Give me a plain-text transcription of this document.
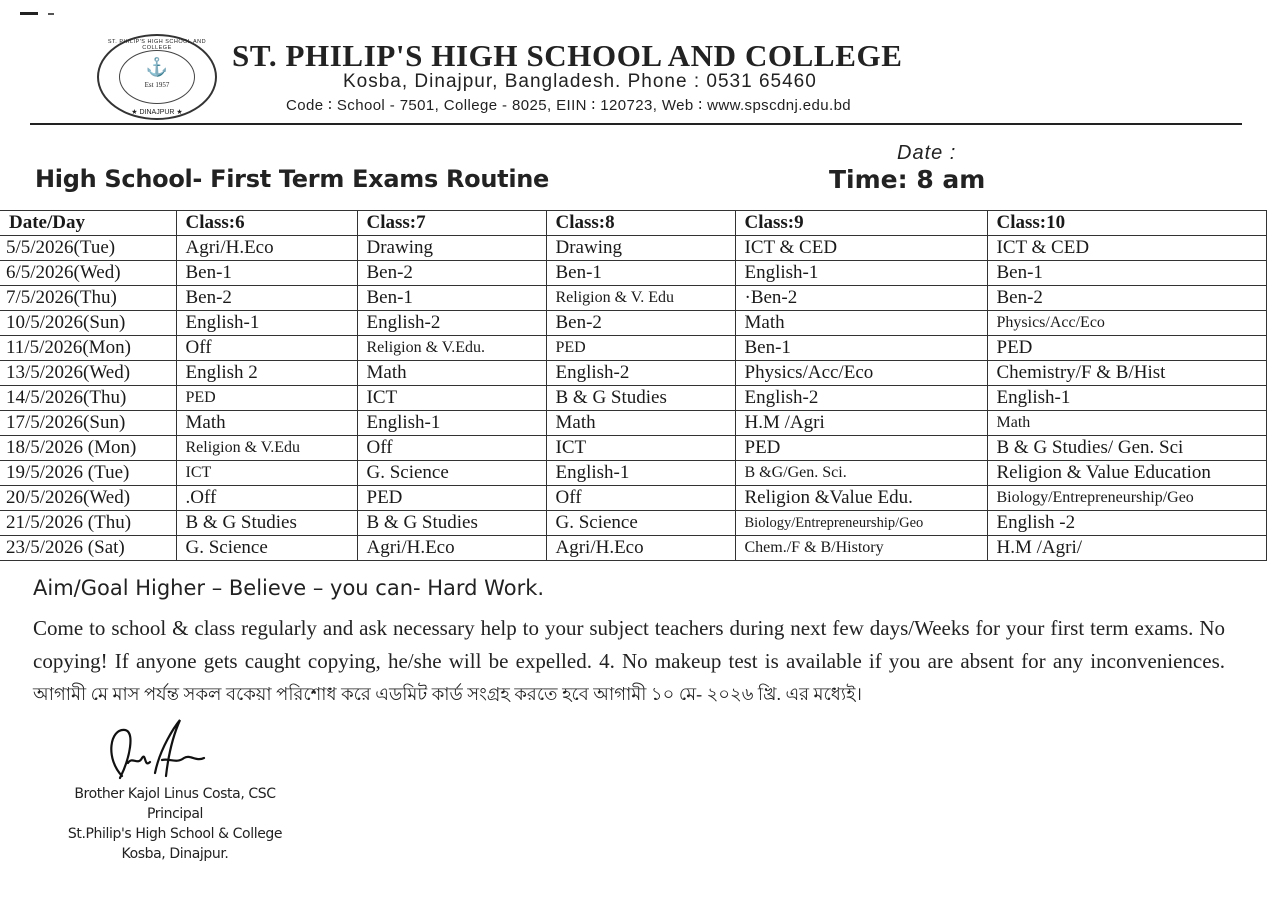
ST. PHILIP'S HIGH SCHOOL AND COLLEGE
⚓
Est 1957
★ DINAJPUR ★
ST. PHILIP'S HIGH SCHOOL AND COLLEGE
Kosba, Dinajpur, Bangladesh. Phone : 0531 65460
Code ∶ School - 7501, College - 8025, EIIN ∶ 120723, Web ∶ www.spscdnj.edu.bd
High School- First Term Exams Routine
Date :
Time: 8 am
Date/Day	Class:6	Class:7	Class:8	Class:9	Class:10
5/5/2026(Tue)	Agri/H.Eco	Drawing	Drawing	ICT & CED	ICT & CED
6/5/2026(Wed)	Ben-1	Ben-2	Ben-1	English-1	Ben-1
7/5/2026(Thu)	Ben-2	Ben-1	Religion & V. Edu	·Ben-2	Ben-2
10/5/2026(Sun)	English-1	English-2	Ben-2	Math	Physics/Acc/Eco
11/5/2026(Mon)	Off	Religion & V.Edu.	PED	Ben-1	PED
13/5/2026(Wed)	English 2	Math	English-2	Physics/Acc/Eco	Chemistry/F & B/Hist
14/5/2026(Thu)	PED	ICT	B & G Studies	English-2	English-1
17/5/2026(Sun)	Math	English-1	Math	H.M /Agri	Math
18/5/2026 (Mon)	Religion & V.Edu	Off	ICT	PED	B & G Studies/ Gen. Sci
19/5/2026 (Tue)	ICT	G. Science	English-1	B &G/Gen. Sci.	Religion & Value Education
20/5/2026(Wed)	.Off	PED	Off	Religion &Value Edu.	Biology/Entrepreneurship/Geo
21/5/2026 (Thu)	B & G Studies	B & G Studies	G. Science	Biology/Entrepreneurship/Geo	English -2
23/5/2026 (Sat)	G. Science	Agri/H.Eco	Agri/H.Eco	Chem./F & B/History	H.M /Agri/
Aim/Goal Higher – Believe – you can- Hard Work.
Come to school & class regularly and ask necessary help to your subject teachers during next few days/Weeks for your first term exams. No copying! If anyone gets caught copying, he/she will be expelled. 4. No makeup test is available if you are absent for any inconveniences. আগামী মে মাস পর্যন্ত সকল বকেয়া পরিশোধ করে এডমিট কার্ড সংগ্রহ করতে হবে আগামী ১০ মে- ২০২৬ খ্রি. এর মধ্যেই।
Brother Kajol Linus Costa, CSC
Principal
St.Philip's High School & College
Kosba, Dinajpur.
